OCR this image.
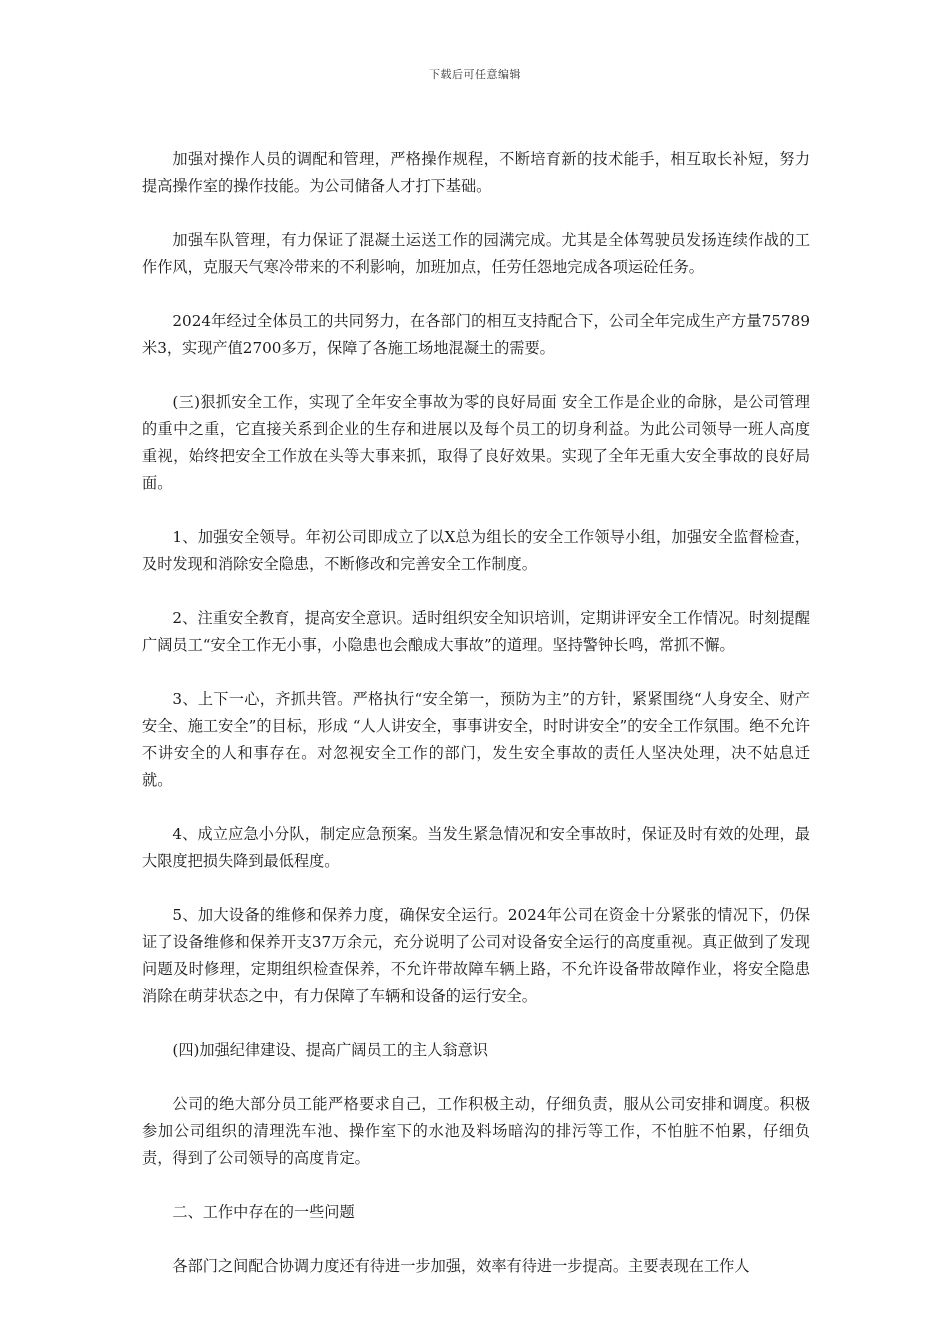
下载后可任意编辑

加强对操作人员的调配和管理，严格操作规程，不断培育新的技术能手，相互取长补短，努力提高操作室的操作技能。为公司储备人才打下基础。

加强车队管理，有力保证了混凝土运送工作的园满完成。尤其是全体驾驶员发扬连续作战的工作作风，克服天气寒冷带来的不利影响，加班加点，任劳任怨地完成各项运砼任务。

2024年经过全体员工的共同努力，在各部门的相互支持配合下，公司全年完成生产方量75789米3，实现产值2700多万，保障了各施工场地混凝土的需要。

(三)狠抓安全工作，实现了全年安全事故为零的良好局面 安全工作是企业的命脉，是公司管理的重中之重，它直接关系到企业的生存和进展以及每个员工的切身利益。为此公司领导一班人高度重视，始终把安全工作放在头等大事来抓，取得了良好效果。实现了全年无重大安全事故的良好局面。

1、加强安全领导。年初公司即成立了以X总为组长的安全工作领导小组，加强安全监督检查，及时发现和消除安全隐患，不断修改和完善安全工作制度。

2、注重安全教育，提高安全意识。适时组织安全知识培训，定期讲评安全工作情况。时刻提醒广阔员工“安全工作无小事，小隐患也会酿成大事故”的道理。坚持警钟长鸣，常抓不懈。

3、上下一心，齐抓共管。严格执行“安全第一，预防为主”的方针，紧紧围绕“人身安全、财产安全、施工安全”的目标，形成 “人人讲安全，事事讲安全，时时讲安全”的安全工作氛围。绝不允许不讲安全的人和事存在。对忽视安全工作的部门，发生安全事故的责任人坚决处理，决不姑息迁就。

4、成立应急小分队，制定应急预案。当发生紧急情况和安全事故时，保证及时有效的处理，最大限度把损失降到最低程度。

5、加大设备的维修和保养力度，确保安全运行。2024年公司在资金十分紧张的情况下，仍保证了设备维修和保养开支37万余元，充分说明了公司对设备安全运行的高度重视。真正做到了发现问题及时修理，定期组织检查保养，不允许带故障车辆上路，不允许设备带故障作业，将安全隐患消除在萌芽状态之中，有力保障了车辆和设备的运行安全。

(四)加强纪律建设、提高广阔员工的主人翁意识

公司的绝大部分员工能严格要求自己，工作积极主动，仔细负责，服从公司安排和调度。积极参加公司组织的清理洗车池、操作室下的水池及料场暗沟的排污等工作，不怕脏不怕累，仔细负责，得到了公司领导的高度肯定。

二、工作中存在的一些问题

各部门之间配合协调力度还有待进一步加强，效率有待进一步提高。主要表现在工作人
